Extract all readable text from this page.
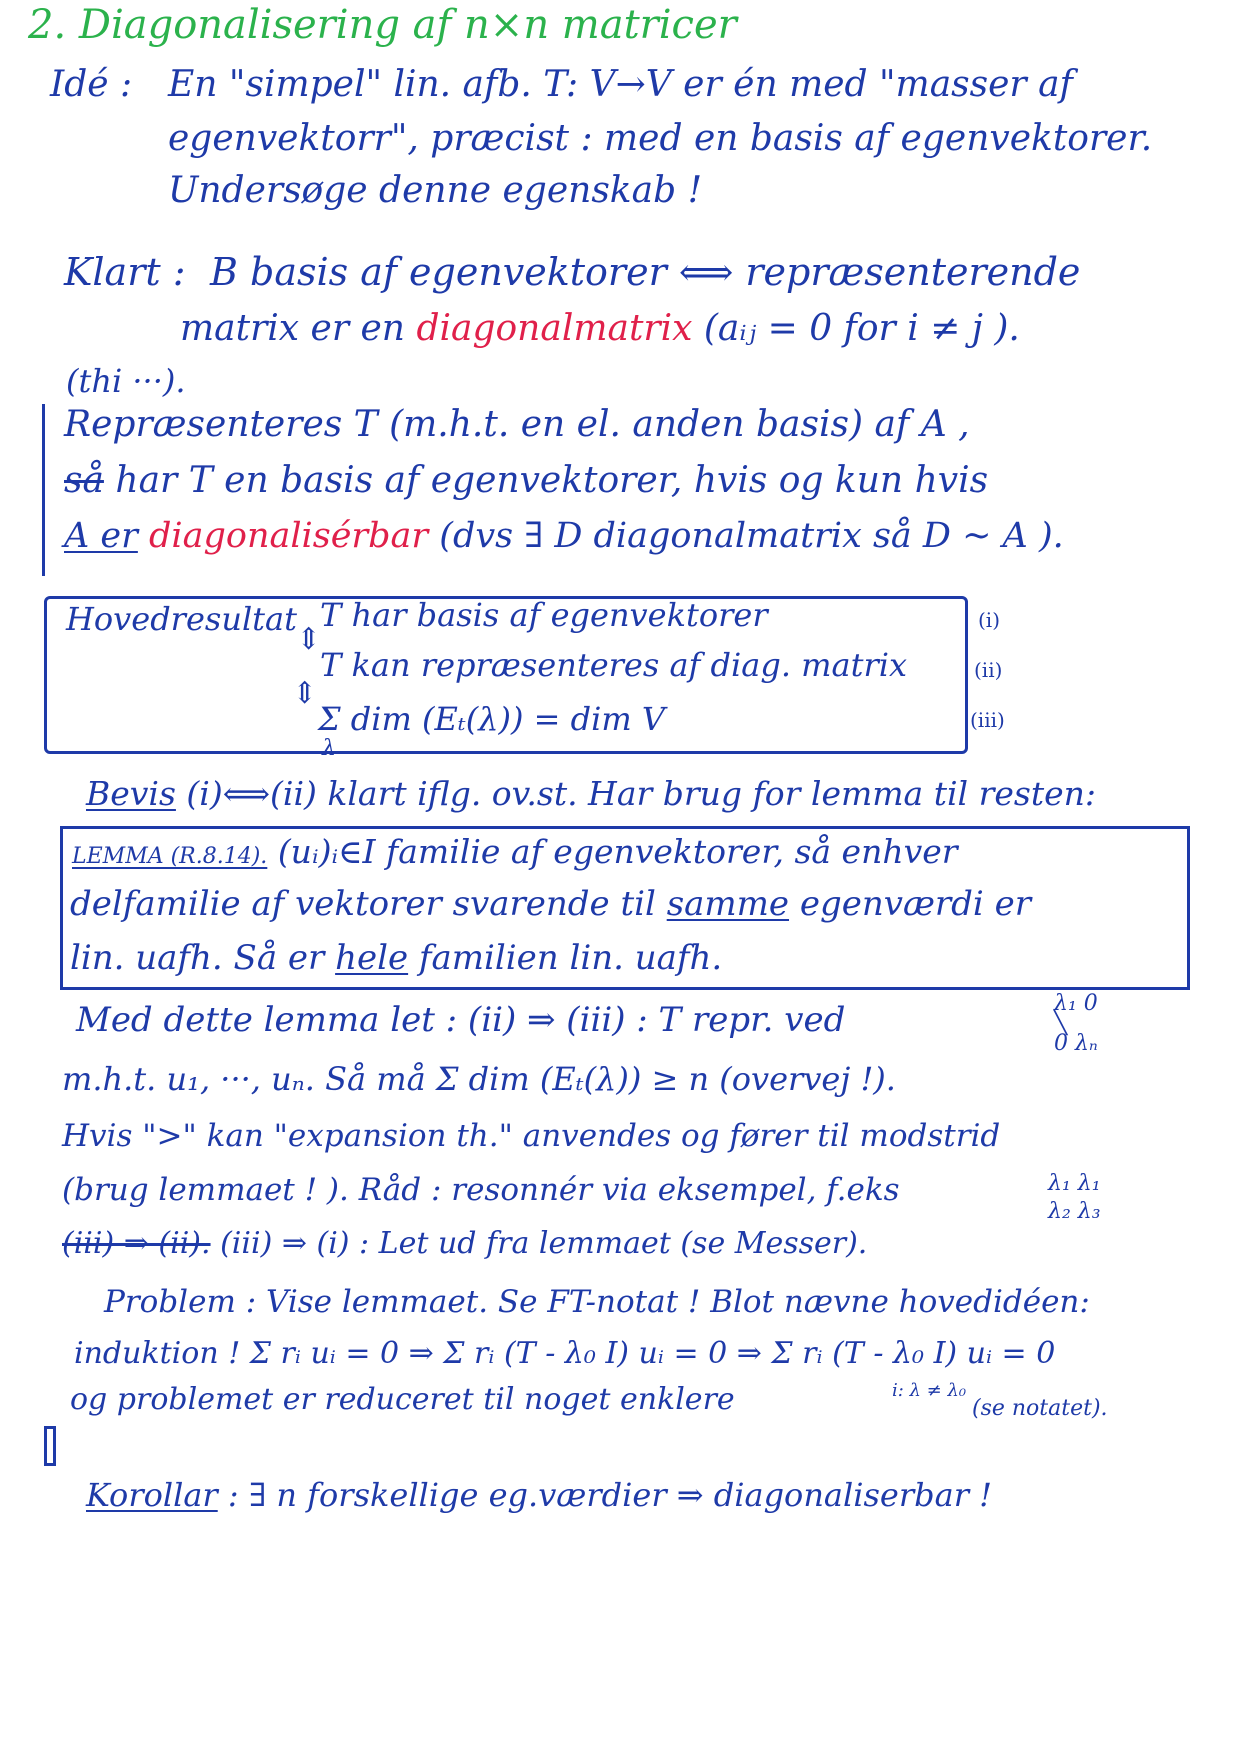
2. Diagonalisering af n×n matricer
Idé : En "simpel" lin. afb. T: V→V er én med "masser af
egenvektorr", præcist : med en basis af egenvektorer.
Undersøge denne egenskab !
Klart : B basis af egenvektorer ⟺ repræsenterende
matrix er en diagonalmatrix (aᵢⱼ = 0 for i ≠ j ).
(thi ···).
Repræsenteres T (m.h.t. en el. anden basis) af A ,
så har T en basis af egenvektorer, hvis og kun hvis
A er diagonalisérbar (dvs ∃ D diagonalmatrix så D ~ A ).
Hovedresultat T har basis af egenvektorer
⇕
T kan repræsenteres af diag. matrix
⇕
Σ dim (Eₜ(λ)) = dim V
λ
(i)
(ii)
(iii)
Bevis (i)⟺(ii) klart iflg. ov.st. Har brug for lemma til resten:
LEMMA (R.8.14). (uᵢ)ᵢ∈I familie af egenvektorer, så enhver
delfamilie af vektorer svarende til samme egenværdi er
lin. uafh. Så er hele familien lin. uafh.
Med dette lemma let : (ii) ⇒ (iii) : T repr. ved	λ₁ 0
╲
0 λₙ
m.h.t. u₁, ···, uₙ. Så må Σ dim (Eₜ(λ)) ≥ n (overvej !).
Hvis ">" kan "expansion th." anvendes og fører til modstrid
(brug lemmaet ! ). Råd : resonnér via eksempel, f.eks	λ₁ λ₁
λ₂ λ₃
(iii) ⇒ (ii). (iii) ⇒ (i) : Let ud fra lemmaet (se Messer).
Problem : Vise lemmaet. Se FT-notat ! Blot nævne hovedidéen:
induktion ! Σ rᵢ uᵢ = 0 ⇒ Σ rᵢ (T - λ₀ I) uᵢ = 0 ⇒ Σ rᵢ (T - λ₀ I) uᵢ = 0
i: λ ≠ λ₀
og problemet er reduceret til noget enklere	(se notatet).
Korollar : ∃ n forskellige eg.værdier ⇒ diagonaliserbar !
